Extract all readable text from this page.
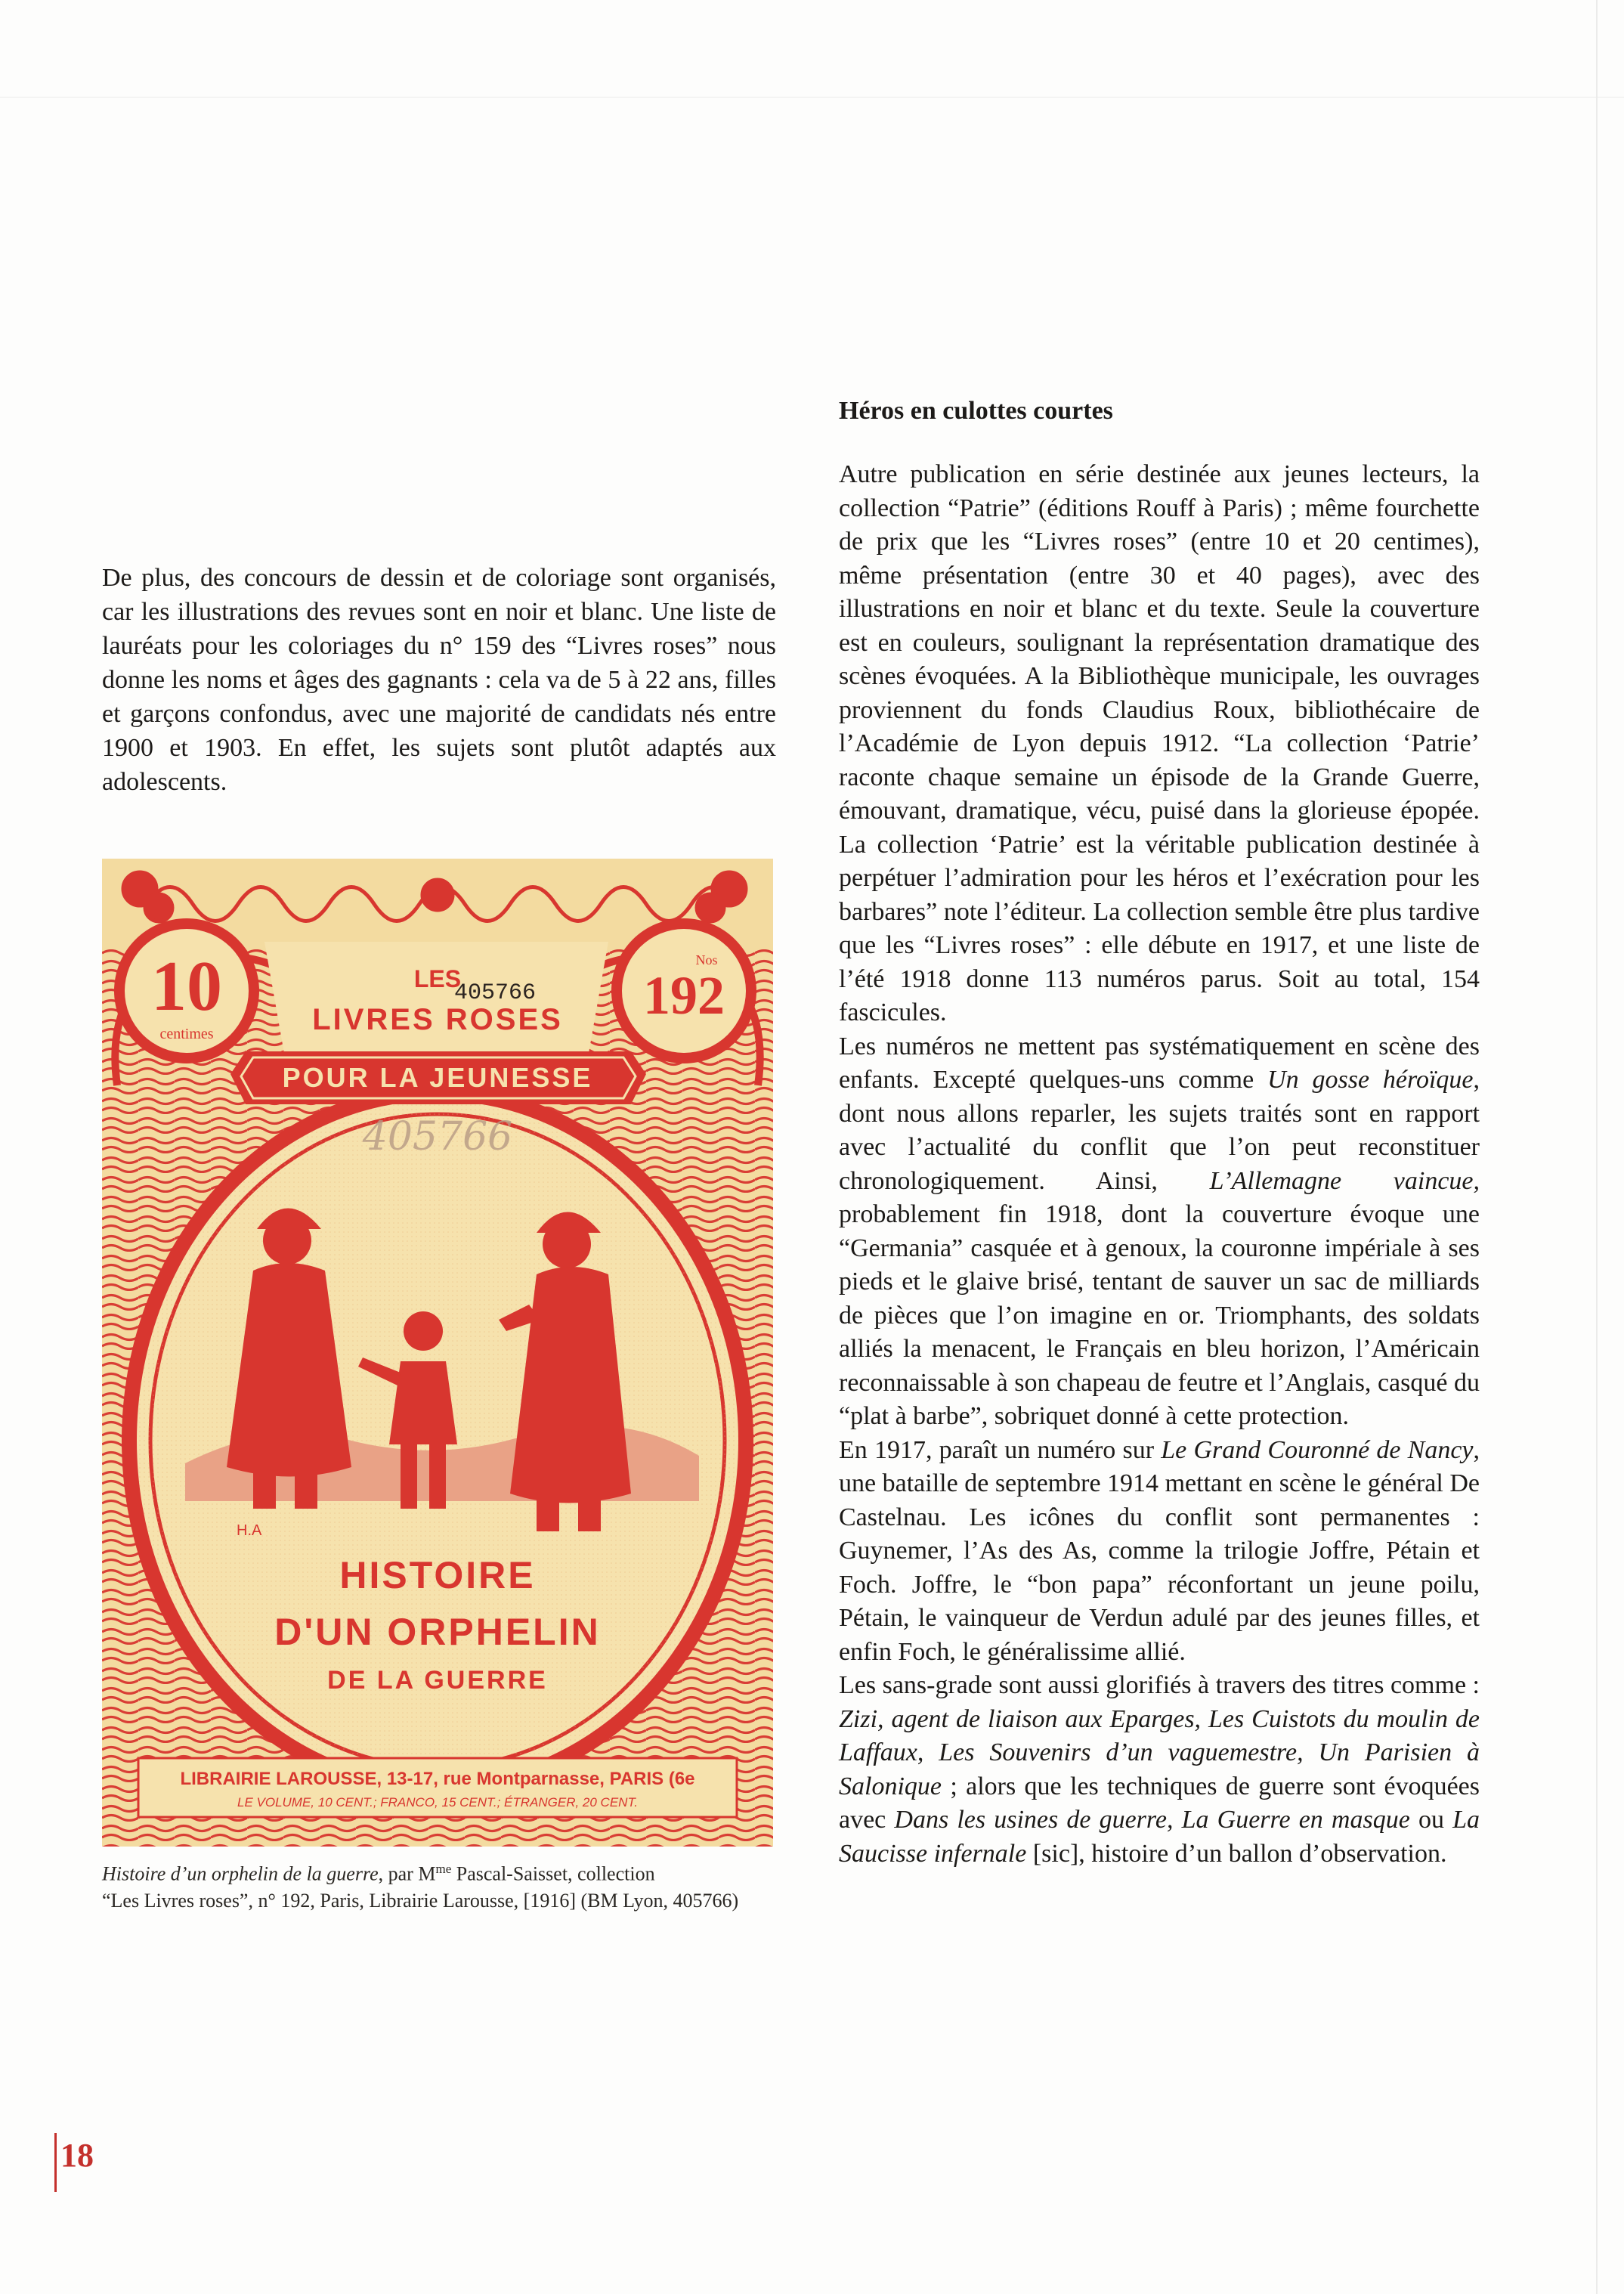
De plus, des concours de dessin et de coloriage sont organisés, car les illustrations des revues sont en noir et blanc. Une liste de lauréats pour les coloriages du n° 159 des “Livres roses” nous donne les noms et âges des gagnants : cela va de 5 à 22 ans, filles et garçons confondus, avec une majorité de candidats nés entre 1900 et 1903. En effet, les sujets sont plutôt adaptés aux adolescents.

10
centimes
Nos
192
LES
405766
LIVRES ROSES
POUR LA JEUNESSE
405766
H.A
HISTOIRE
D'UN ORPHELIN
DE LA GUERRE
LIBRAIRIE LAROUSSE, 13-17, rue Montparnasse, PARIS (6e
LE VOLUME, 10 CENT.; FRANCO, 15 CENT.; ÉTRANGER, 20 CENT.
Histoire d’un orphelin de la guerre, par $M^{me}$ Pascal-Saisset, collection
“Les Livres roses”, n° 192, Paris, Librairie Larousse, [1916] (BM Lyon, 405766)
Héros en culottes courtes

Autre publication en série destinée aux jeunes lecteurs, la collection “Patrie” (éditions Rouff à Paris) ; même fourchette de prix que les “Livres roses” (entre 10 et 20 centimes), même présentation (entre 30 et 40 pages), avec des illustrations en noir et blanc et du texte. Seule la couverture est en couleurs, soulignant la représentation dramatique des scènes évoquées. A la Bibliothèque municipale, les ouvrages proviennent du fonds Claudius Roux, bibliothécaire de l’Académie de Lyon depuis 1912. “La collection ‘Patrie’ raconte chaque semaine un épisode de la Grande Guerre, émouvant, dramatique, vécu, puisé dans la glorieuse épopée. La collection ‘Patrie’ est la véritable publication destinée à perpétuer l’admiration pour les héros et l’exécration pour les barbares” note l’éditeur. La collection semble être plus tardive que les “Livres roses” : elle débute en 1917, et une liste de l’été 1918 donne 113 numéros parus. Soit au total, 154 fascicules.

Les numéros ne mettent pas systématiquement en scène des enfants. Excepté quelques-uns comme Un gosse héroïque, dont nous allons reparler, les sujets traités sont en rapport avec l’actualité du conflit que l’on peut reconstituer chronologiquement. Ainsi, L’Allemagne vaincue, probablement fin 1918, dont la couverture évoque une “Germania” casquée et à genoux, la couronne impériale à ses pieds et le glaive brisé, tentant de sauver un sac de milliards de pièces que l’on imagine en or. Triomphants, des soldats alliés la menacent, le Français en bleu horizon, l’Américain reconnaissable à son chapeau de feutre et l’Anglais, casqué du “plat à barbe”, sobriquet donné à cette protection.

En 1917, paraît un numéro sur Le Grand Couronné de Nancy, une bataille de septembre 1914 mettant en scène le général De Castelnau. Les icônes du conflit sont permanentes : Guynemer, l’As des As, comme la trilogie Joffre, Pétain et Foch. Joffre, le “bon papa” réconfortant un jeune poilu, Pétain, le vainqueur de Verdun adulé par des jeunes filles, et enfin Foch, le généralissime allié.

Les sans-grade sont aussi glorifiés à travers des titres comme : Zizi, agent de liaison aux Eparges, Les Cuistots du moulin de Laffaux, Les Souvenirs d’un vaguemestre, Un Parisien à Salonique ; alors que les techniques de guerre sont évoquées avec Dans les usines de guerre, La Guerre en masque ou La Saucisse infernale [sic], histoire d’un ballon d’observation.

18
